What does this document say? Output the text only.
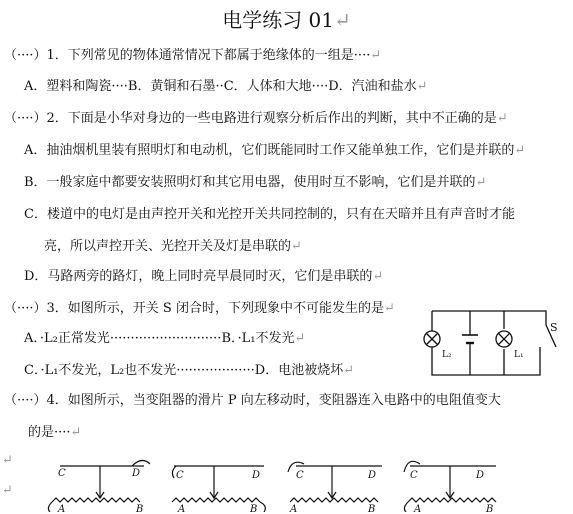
电学练习 01↵
（····）1．下列常见的物体通常情况下都属于绝缘体的一组是····↵
A．塑料和陶瓷····B．黄铜和石墨··C．人体和大地····D．汽油和盐水↵
（····）2．下面是小华对身边的一些电路进行观察分析后作出的判断，其中不正确的是↵
A．抽油烟机里装有照明灯和电动机，它们既能同时工作又能单独工作，它们是并联的↵
B．一般家庭中都要安装照明灯和其它用电器，使用时互不影响，它们是并联的↵
C．楼道中的电灯是由声控开关和光控开关共同控制的，只有在天暗并且有声音时才能
亮，所以声控开关、光控开关及灯是串联的↵
D．马路两旁的路灯，晚上同时亮早晨同时灭，它们是串联的↵
（····）3．如图所示，开关 S 闭合时，下列现象中不可能发生的是↵
A．·L₂正常发光···························B．·L₁不发光↵
C．·L₁不发光，L₂也不发光···················D．电池被烧坏↵
L₂	L₁
S
（····）4．如图所示，当变阻器的滑片 P 向左移动时，变阻器连入电路中的电阻值变大
的是····↵
↵
↵
C	D
A	B
C	D
A	B
C	D
A	B
C	D
A	B
